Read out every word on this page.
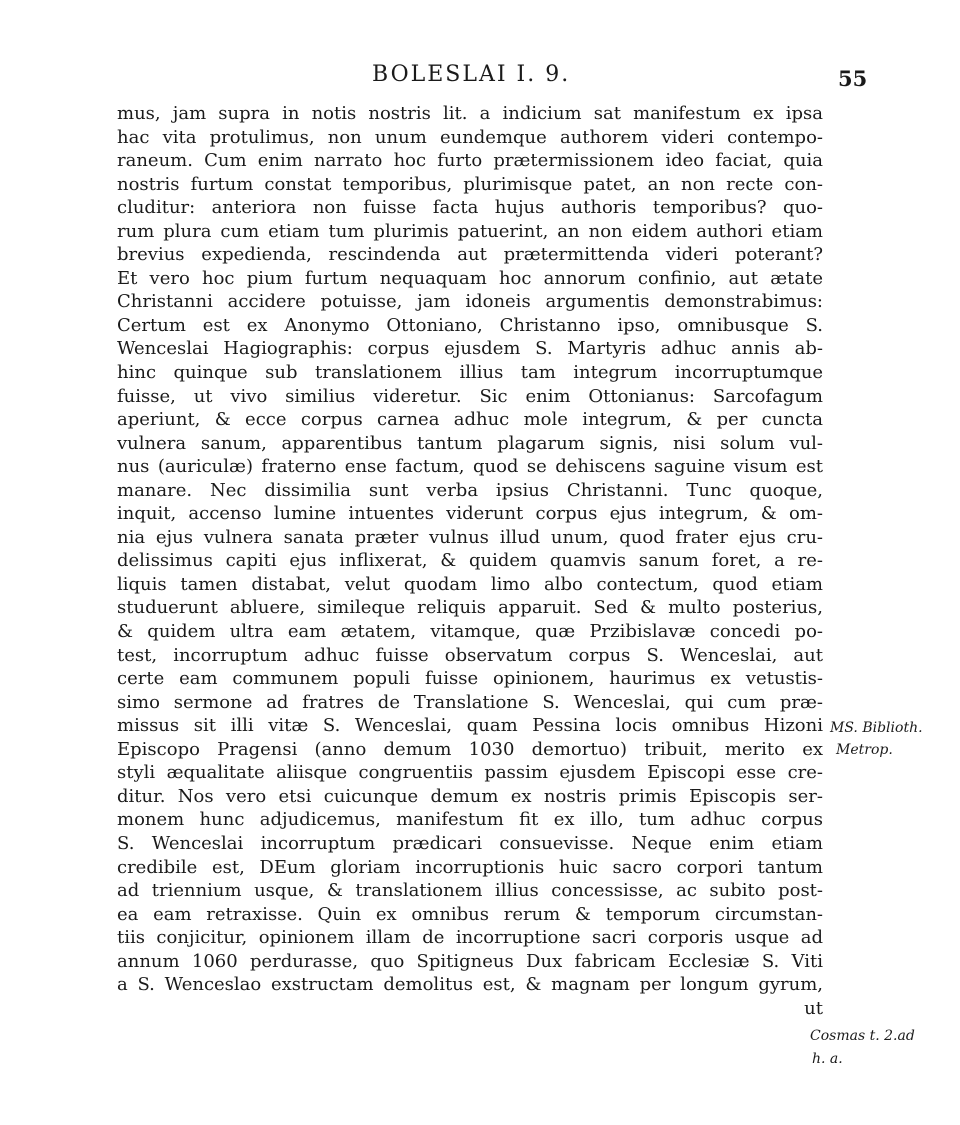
BOLESLAI I. 9.	55
mus, jam supra in notis nostris lit. a indicium sat manifestum ex ipsa
hac vita protulimus, non unum eundemque authorem videri contempo-
raneum. Cum enim narrato hoc furto prætermissionem ideo faciat, quia
nostris furtum constat temporibus, plurimisque patet, an non recte con-
cluditur: anteriora non fuisse facta hujus authoris temporibus? quo-
rum plura cum etiam tum plurimis patuerint, an non eidem authori etiam
brevius expedienda, rescindenda aut prætermittenda videri poterant?
Et vero hoc pium furtum nequaquam hoc annorum confinio, aut ætate
Christanni accidere potuisse, jam idoneis argumentis demonstrabimus:
Certum est ex Anonymo Ottoniano, Christanno ipso, omnibusque S.
Wenceslai Hagiographis: corpus ejusdem S. Martyris adhuc annis ab-
hinc quinque sub translationem illius tam integrum incorruptumque
fuisse, ut vivo similius videretur. Sic enim Ottonianus: Sarcofagum
aperiunt, & ecce corpus carnea adhuc mole integrum, & per cuncta
vulnera sanum, apparentibus tantum plagarum signis, nisi solum vul-
nus (auriculæ) fraterno ense factum, quod se dehiscens saguine visum est
manare. Nec dissimilia sunt verba ipsius Christanni. Tunc quoque,
inquit, accenso lumine intuentes viderunt corpus ejus integrum, & om-
nia ejus vulnera sanata præter vulnus illud unum, quod frater ejus cru-
delissimus capiti ejus inflixerat, & quidem quamvis sanum foret, a re-
liquis tamen distabat, velut quodam limo albo contectum, quod etiam
studuerunt abluere, simileque reliquis apparuit. Sed & multo posterius,
& quidem ultra eam ætatem, vitamque, quæ Przibislavæ concedi po-
test, incorruptum adhuc fuisse observatum corpus S. Wenceslai, aut
certe eam communem populi fuisse opinionem, haurimus ex vetustis-
simo sermone ad fratres de Translatione S. Wenceslai, qui cum præ-
missus sit illi vitæ S. Wenceslai, quam Pessina locis omnibus Hizoni
Episcopo Pragensi (anno demum 1030 demortuo) tribuit, merito ex
styli æqualitate aliisque congruentiis passim ejusdem Episcopi esse cre-
ditur. Nos vero etsi cuicunque demum ex nostris primis Episcopis ser-
monem hunc adjudicemus, manifestum fit ex illo, tum adhuc corpus
S. Wenceslai incorruptum prædicari consuevisse. Neque enim etiam
credibile est, DEum gloriam incorruptionis huic sacro corpori tantum
ad triennium usque, & translationem illius concessisse, ac subito post-
ea eam retraxisse. Quin ex omnibus rerum & temporum circumstan-
tiis conjicitur, opinionem illam de incorruptione sacri corporis usque ad
annum 1060 perdurasse, quo Spitigneus Dux fabricam Ecclesiæ S. Viti
a S. Wenceslao exstructam demolitus est, & magnam per longum gyrum,
ut
MS. Biblioth.
Metrop.
Cosmas t. 2.ad
h. a.
